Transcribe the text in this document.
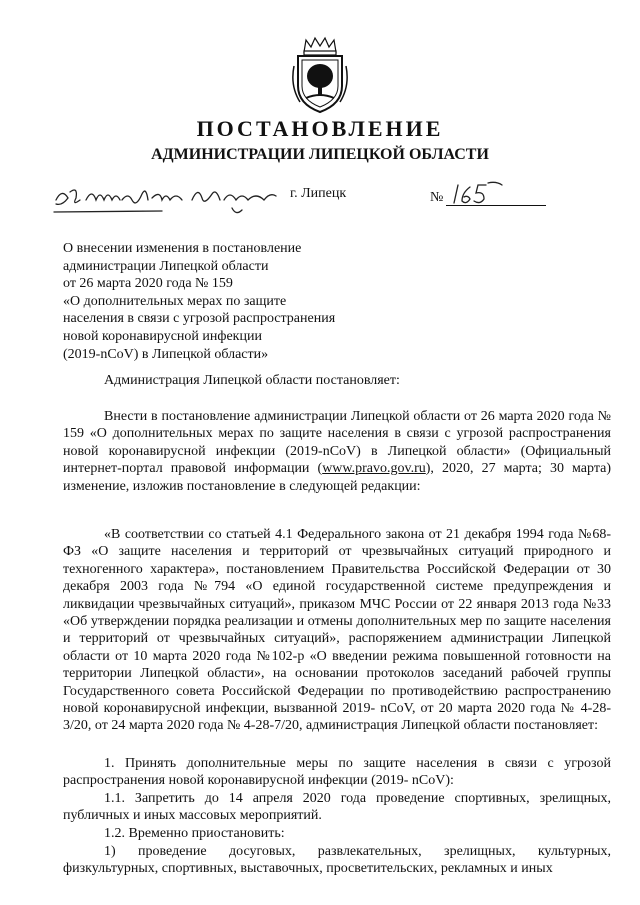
ПОСТАНОВЛЕНИЕ
АДМИНИСТРАЦИИ ЛИПЕЦКОЙ ОБЛАСТИ
г. Липецк	№
О внесении изменения в постановление
администрации Липецкой области
от 26 марта 2020 года № 159
«О дополнительных мерах по защите
населения в связи с угрозой распространения
новой коронавирусной инфекции
(2019-nCoV) в Липецкой области»
Администрация Липецкой области постановляет:
Внести в постановление администрации Липецкой области от 26 марта 2020 года № 159 «О дополнительных мерах по защите населения в связи с угрозой распространения новой коронавирусной инфекции (2019-nCoV) в Липецкой области» (Официальный интернет-портал правовой информации (www.pravo.gov.ru), 2020, 27 марта; 30 марта) изменение, изложив постановление в следующей редакции:
«В соответствии со статьей 4.1 Федерального закона от 21 декабря 1994 года №68-ФЗ «О защите населения и территорий от чрезвычайных ситуаций природного и техногенного характера», постановлением Правительства Российской Федерации от 30 декабря 2003 года №794 «О единой государственной системе предупреждения и ликвидации чрезвычайных ситуаций», приказом МЧС России от 22 января 2013 года №33 «Об утверждении порядка реализации и отмены дополнительных мер по защите населения и территорий от чрезвычайных ситуаций», распоряжением администрации Липецкой области от 10 марта 2020 года №102-р «О введении режима повышенной готовности на территории Липецкой области», на основании протоколов заседаний рабочей группы Государственного совета Российской Федерации по противодействию распространению новой коронавирусной инфекции, вызванной 2019- nCoV, от 20 марта 2020 года № 4-28-3/20, от 24 марта 2020 года № 4-28-7/20, администрация Липецкой области постановляет:
1. Принять дополнительные меры по защите населения в связи с угрозой распространения новой коронавирусной инфекции (2019- nCoV):
1.1. Запретить до 14 апреля 2020 года проведение спортивных, зрелищных, публичных и иных массовых мероприятий.
1.2. Временно приостановить:
1) проведение досуговых, развлекательных, зрелищных, культурных, физкультурных, спортивных, выставочных, просветительских, рекламных и иных
